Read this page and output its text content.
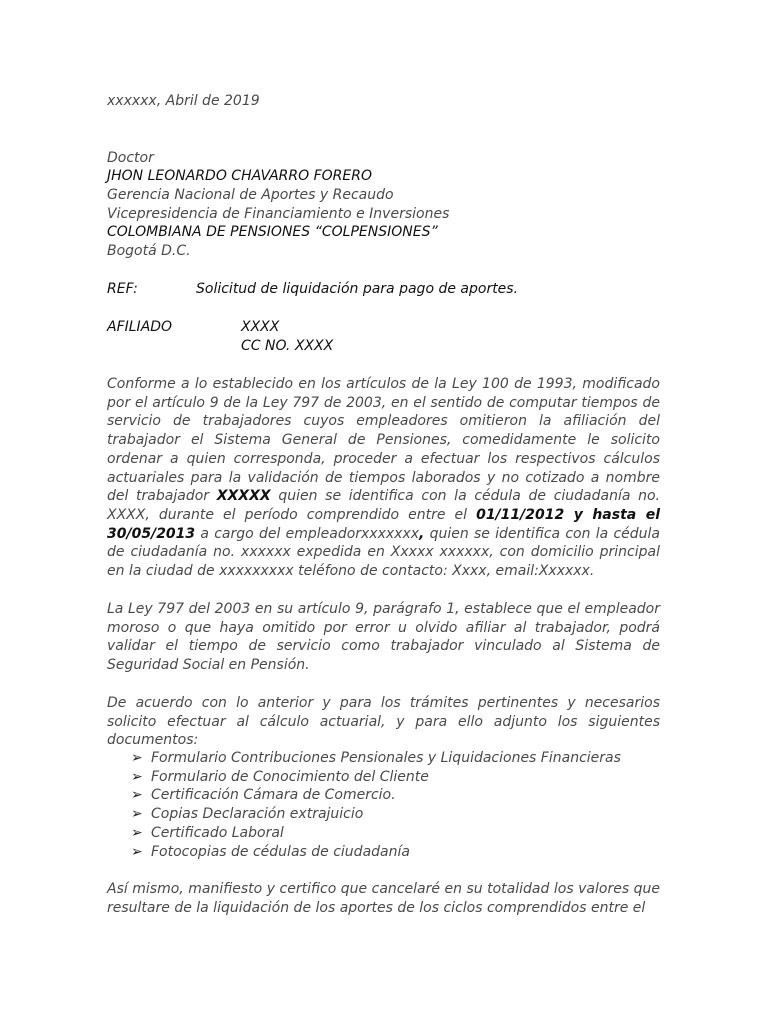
xxxxxx, Abril de 2019
Doctor
JHON LEONARDO CHAVARRO FORERO
Gerencia Nacional de Aportes y Recaudo
Vicepresidencia de Financiamiento e Inversiones
COLOMBIANA DE PENSIONES “COLPENSIONES”
Bogotá D.C.
REF:	Solicitud de liquidación para pago de aportes.
AFILIADO	XXXX
CC NO. XXXX
Conforme a lo establecido en los artículos de la Ley 100 de 1993, modificado por el artículo 9 de la Ley 797 de 2003, en el sentido de computar tiempos de servicio de trabajadores cuyos empleadores omitieron la afiliación del trabajador el Sistema General de Pensiones, comedidamente le solicito ordenar a quien corresponda, proceder a efectuar los respectivos cálculos actuariales para la validación de tiempos laborados y no cotizado a nombre del trabajador XXXXX quien se identifica con la cédula de ciudadanía no. XXXX, durante el período comprendido entre el 01/11/2012 y hasta el 30/05/2013 a cargo del empleadorxxxxxxx, quien se identifica con la cédula de ciudadanía no. xxxxxx expedida en Xxxxx xxxxxx, con domicilio principal en la ciudad de xxxxxxxxx teléfono de contacto: Xxxx, email:Xxxxxx.
La Ley 797 del 2003 en su artículo 9, parágrafo 1, establece que el empleador moroso o que haya omitido por error u olvido afiliar al trabajador, podrá validar el tiempo de servicio como trabajador vinculado al Sistema de Seguridad Social en Pensión.
De acuerdo con lo anterior y para los trámites pertinentes y necesarios solicito efectuar al cálculo actuarial, y para ello adjunto los siguientes documentos:
➢ Formulario Contribuciones Pensionales y Liquidaciones Financieras
➢ Formulario de Conocimiento del Cliente
➢ Certificación Cámara de Comercio.
➢ Copias Declaración extrajuicio
➢ Certificado Laboral
➢ Fotocopias de cédulas de ciudadanía
Así mismo, manifiesto y certifico que cancelaré en su totalidad los valores que resultare de la liquidación de los aportes de los ciclos comprendidos entre el
